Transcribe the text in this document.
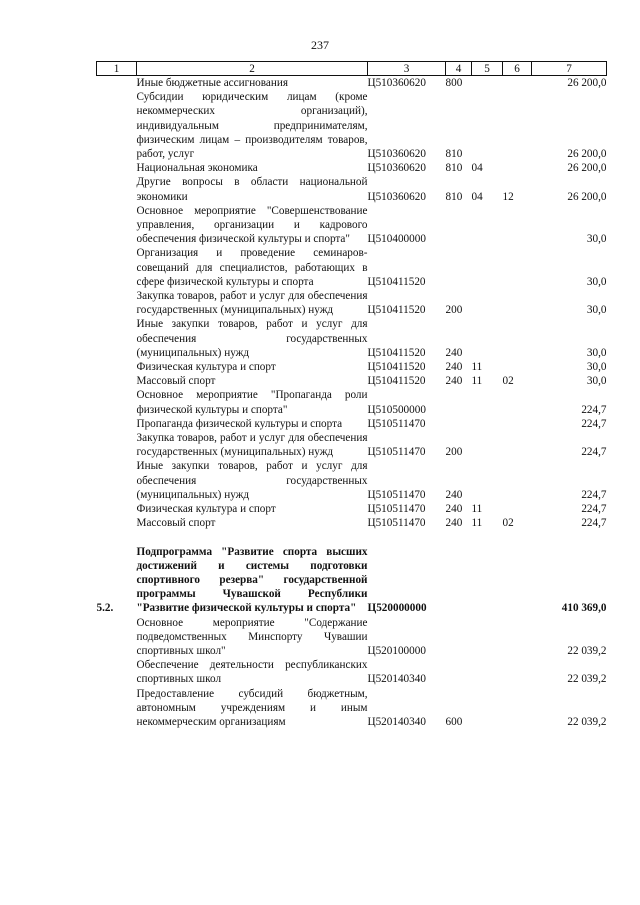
237
1	2	3	4	5	6	7
	Иные бюджетные ассигнования	Ц510360620	800			26 200,0
	Субсидии юридическим лицам (кроме некоммерческих организаций), индивидуальным предпринимателям, физическим лицам – производителям товаров, работ, услуг	Ц510360620	810			26 200,0
	Национальная экономика	Ц510360620	810	04		26 200,0
	Другие вопросы в области национальной экономики	Ц510360620	810	04	12	26 200,0
	Основное мероприятие "Совершенствование управления, организации и кадрового обеспечения физической культуры и спорта"	Ц510400000				30,0
	Организация и проведение семинаров-совещаний для специалистов, работающих в сфере физической культуры и спорта	Ц510411520				30,0
	Закупка товаров, работ и услуг для обеспечения государственных (муниципальных) нужд	Ц510411520	200			30,0
	Иные закупки товаров, работ и услуг для обеспечения государственных (муниципальных) нужд	Ц510411520	240			30,0
	Физическая культура и спорт	Ц510411520	240	11		30,0
	Массовый спорт	Ц510411520	240	11	02	30,0
	Основное мероприятие "Пропаганда роли физической культуры и спорта"	Ц510500000				224,7
	Пропаганда физической культуры и спорта	Ц510511470				224,7
	Закупка товаров, работ и услуг для обеспечения государственных (муниципальных) нужд	Ц510511470	200			224,7
	Иные закупки товаров, работ и услуг для обеспечения государственных (муниципальных) нужд	Ц510511470	240			224,7
	Физическая культура и спорт	Ц510511470	240	11		224,7
	Массовый спорт	Ц510511470	240	11	02	224,7

5.2.	Подпрограмма "Развитие спорта высших достижений и системы подготовки спортивного резерва" государственной программы Чувашской Республики "Развитие физической культуры и спорта"	Ц520000000				410 369,0
	Основное мероприятие "Содержание подведомственных Минспорту Чувашии спортивных школ"	Ц520100000				22 039,2
	Обеспечение деятельности республиканских спортивных школ	Ц520140340				22 039,2
	Предоставление субсидий бюджетным, автономным учреждениям и иным некоммерческим организациям	Ц520140340	600			22 039,2
